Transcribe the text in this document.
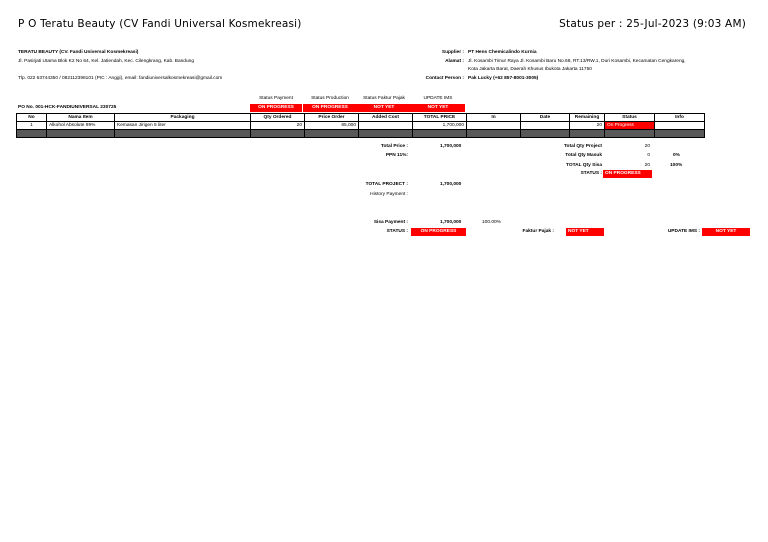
P O Teratu Beauty (CV Fandi Universal Kosmekreasi)	Status per : 25-Jul-2023 (9:03 AM)
TERATU BEAUTY (CV. Fandi Universal Kosmekreasi)
Jl. Pasirjati Utama Blok K2 No 64, Kel. Jatiendah, Kec. Cilengkrang, Kab. Bandung
Tlp. 022 63744350 / 082112398101 (PIC : Anggi), email: fandiuniversalkosmekreasi@gmail.com
Supplier : PT Hens Chemicalindo Kurnia
Alamat : Jl. Kosambi Timur Raya Jl. Kosambi Baru No.68, RT.13/RW.1, Duri Kosambi, Kecamatan Cengkareng,
Kota Jakarta Barat, Daerah Khusus Ibukota Jakarta 11750
Contact Person : Pak Lucky (+62 857-8001-3005)
Status Payment	Status Production	Status Faktur Pajak	UPDATE IMS
PO No. 001-HCK-FANDIUNIVERSAL 230725	ON PROGRESS	ON PROGRESS	NOT YET	NOT YET
No	Nama Item	Packaging	Qty Ordered	Price Order	Added Cost	TOTAL PRICE	In	Date	Remaining	Status	Info
1	Alkohol Absolute 99%	Kemasan Jirigen 5 liter	20	85,000		1,700,000			20	On Progress	

Total Price :	1,700,000
PPN 11%:
Total Qty Project	20
Total Qty Masuk	0	0%
TOTAL Qty Sisa	20	100%
STATUS : ON PROGRESS
TOTAL PROJECT :	1,700,000
History Payment :
Sisa Payment :	1,700,000	100.00%
STATUS :	ON PROGRESS	Faktur Pajak :	NOT YET	UPDATE IMS :	NOT YET
